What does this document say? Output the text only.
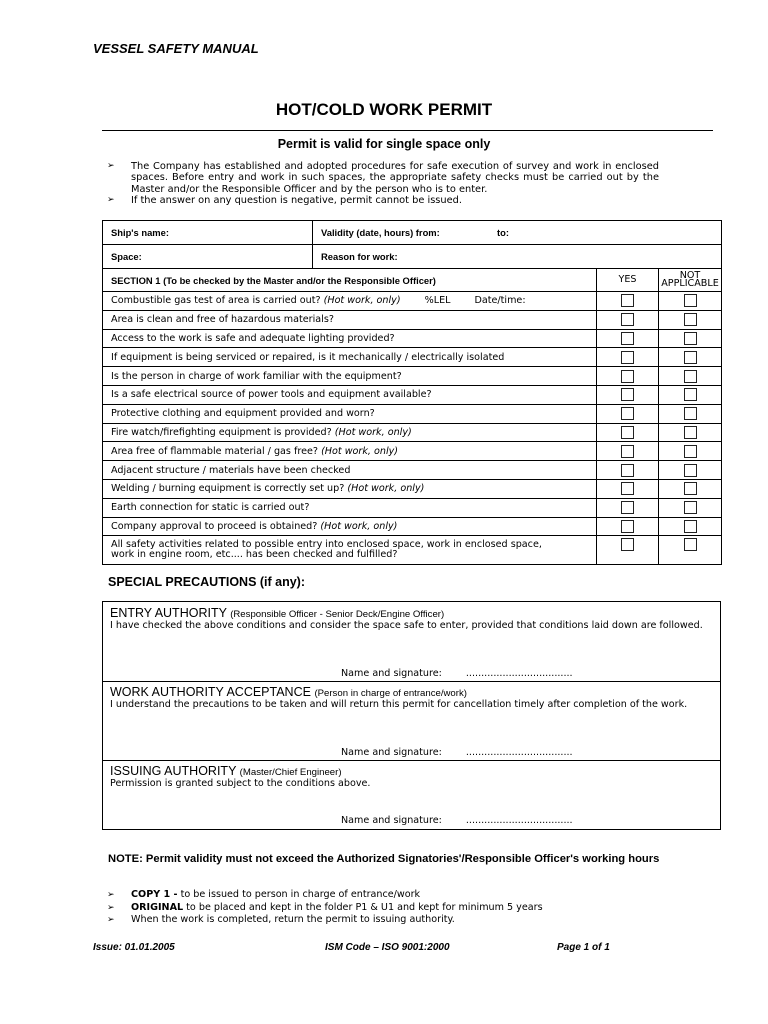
VESSEL SAFETY MANUAL
HOT/COLD WORK PERMIT
Permit is valid for single space only
➢	The Company has established and adopted procedures for safe execution of survey and work in enclosed spaces. Before entry and work in such spaces, the appropriate safety checks must be carried out by the Master and/or the Responsible Officer and by the person who is to enter.
➢	If the answer on any question is negative, permit cannot be issued.
Ship's name:	Validity (date, hours) from: to:		
Space:	Reason for work:		
SECTION 1 (To be checked by the Master and/or the Responsible Officer)		YES	NOT
APPLICABLE
Combustible gas test of area is carried out? (Hot work, only) %LEL Date/time:			
Area is clean and free of hazardous materials?			
Access to the work is safe and adequate lighting provided?			
If equipment is being serviced or repaired, is it mechanically / electrically isolated			
Is the person in charge of work familiar with the equipment?			
Is a safe electrical source of power tools and equipment available?			
Protective clothing and equipment provided and worn?			
Fire watch/firefighting equipment is provided? (Hot work, only)			
Area free of flammable material / gas free? (Hot work, only)			
Adjacent structure / materials have been checked			
Welding / burning equipment is correctly set up? (Hot work, only)			
Earth connection for static is carried out?			
Company approval to proceed is obtained? (Hot work, only)			
All safety activities related to possible entry into enclosed space, work in enclosed space,
work in engine room, etc.... has been checked and fulfilled?			
SPECIAL PRECAUTIONS (if any):
ENTRY AUTHORITY (Responsible Officer - Senior Deck/Engine Officer)
I have checked the above conditions and consider the space safe to enter, provided that conditions laid down are followed.
Name and signature:	...................................
WORK AUTHORITY ACCEPTANCE (Person in charge of entrance/work)
I understand the precautions to be taken and will return this permit for cancellation timely after completion of the work.
Name and signature:	...................................
ISSUING AUTHORITY (Master/Chief Engineer)
Permission is granted subject to the conditions above.
Name and signature:	...................................
NOTE: Permit validity must not exceed the Authorized Signatories'/Responsible Officer's working hours
➢ COPY 1 - to be issued to person in charge of entrance/work
➢ ORIGINAL to be placed and kept in the folder P1 & U1 and kept for minimum 5 years
➢ When the work is completed, return the permit to issuing authority.
Issue: 01.01.2005	ISM Code – ISO 9001:2000	Page 1 of 1
